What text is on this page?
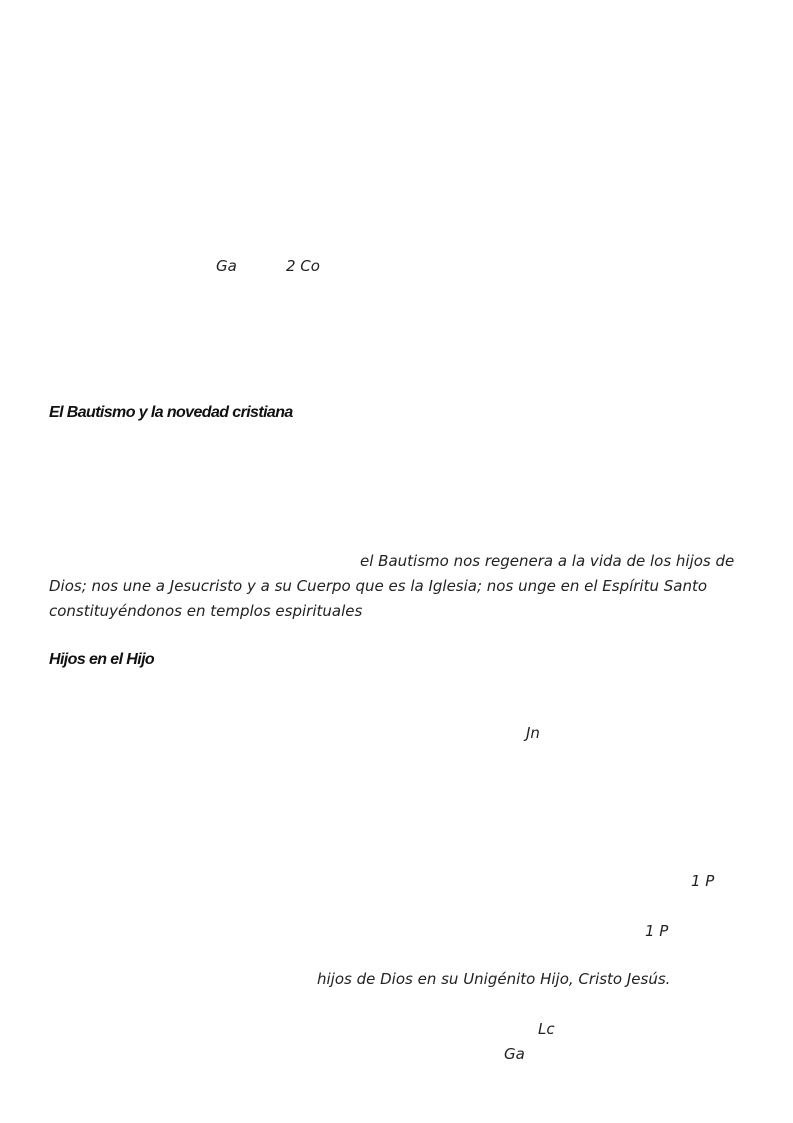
Ga	2 Co
El Bautismo y la novedad cristiana
el Bautismo nos regenera a la vida de los hijos de
Dios; nos une a Jesucristo y a su Cuerpo que es la Iglesia; nos unge en el Espíritu Santo
constituyéndonos en templos espirituales
Hijos en el Hijo
Jn
1 P
1 P
hijos de Dios en su Unigénito Hijo, Cristo Jesús.
Lc
Ga
